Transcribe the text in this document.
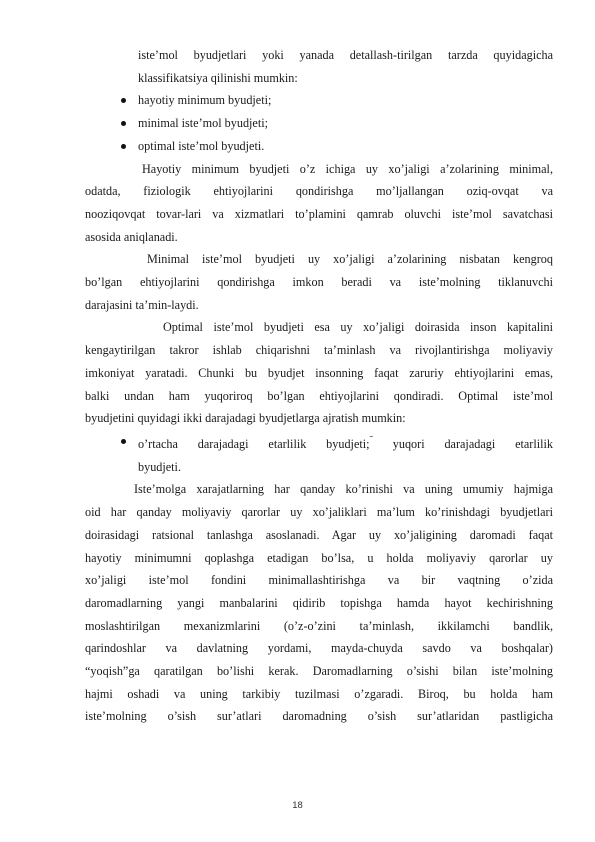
iste’mol byudjetlari yoki yanada detallash-tirilgan tarzda quyidagicha

klassifikatsiya qilinishi mumkin:

hayotiy minimum byudjeti;
minimal iste’mol byudjeti;
optimal iste’mol byudjeti.

Hayotiy minimum byudjeti o’z ichiga uy xo’jaligi a’zolarining minimal,

odatda, fiziologik ehtiyojlarini qondirishga mo’ljallangan oziq-ovqat va

nooziqovqat tovar-lari va xizmatlari to’plamini qamrab oluvchi iste’mol savatchasi

asosida aniqlanadi.

Minimal iste’mol byudjeti uy xo’jaligi a’zolarining nisbatan kengroq

bo’lgan ehtiyojlarini qondirishga imkon beradi va iste’molning tiklanuvchi

darajasini ta’min-laydi.

Optimal iste’mol byudjeti esa uy xo’jaligi doirasida inson kapitalini

kengaytirilgan takror ishlab chiqarishni ta’minlash va rivojlantirishga moliyaviy

imkoniyat yaratadi. Chunki bu byudjet insonning faqat zaruriy ehtiyojlarini emas,

balki undan ham yuqoriroq bo’lgan ehtiyojlarini qondiradi. Optimal iste’mol

byudjetini quyidagi ikki darajadagi byudjetlarga ajratish mumkin:

o’rtacha darajadagi etarlilik byudjeti;˜ yuqori darajadagi etarlilik

byudjeti.

Iste’molga xarajatlarning har qanday ko’rinishi va uning umumiy hajmiga

oid har qanday moliyaviy qarorlar uy xo’jaliklari ma’lum ko’rinishdagi byudjetlari

doirasidagi ratsional tanlashga asoslanadi. Agar uy xo’jaligining daromadi faqat

hayotiy minimumni qoplashga etadigan bo’lsa, u holda moliyaviy qarorlar uy

xo’jaligi iste’mol fondini minimallashtirishga va bir vaqtning o’zida

daromadlarning yangi manbalarini qidirib topishga hamda hayot kechirishning

moslashtirilgan mexanizmlarini (o’z-o’zini ta’minlash, ikkilamchi bandlik,

qarindoshlar va davlatning yordami, mayda-chuyda savdo va boshqalar)

“yoqish”ga qaratilgan bo’lishi kerak. Daromadlarning o’sishi bilan iste’molning

hajmi oshadi va uning tarkibiy tuzilmasi o’zgaradi. Biroq, bu holda ham

iste’molning o’sish sur’atlari daromadning o’sish sur’atlaridan pastligicha

18
